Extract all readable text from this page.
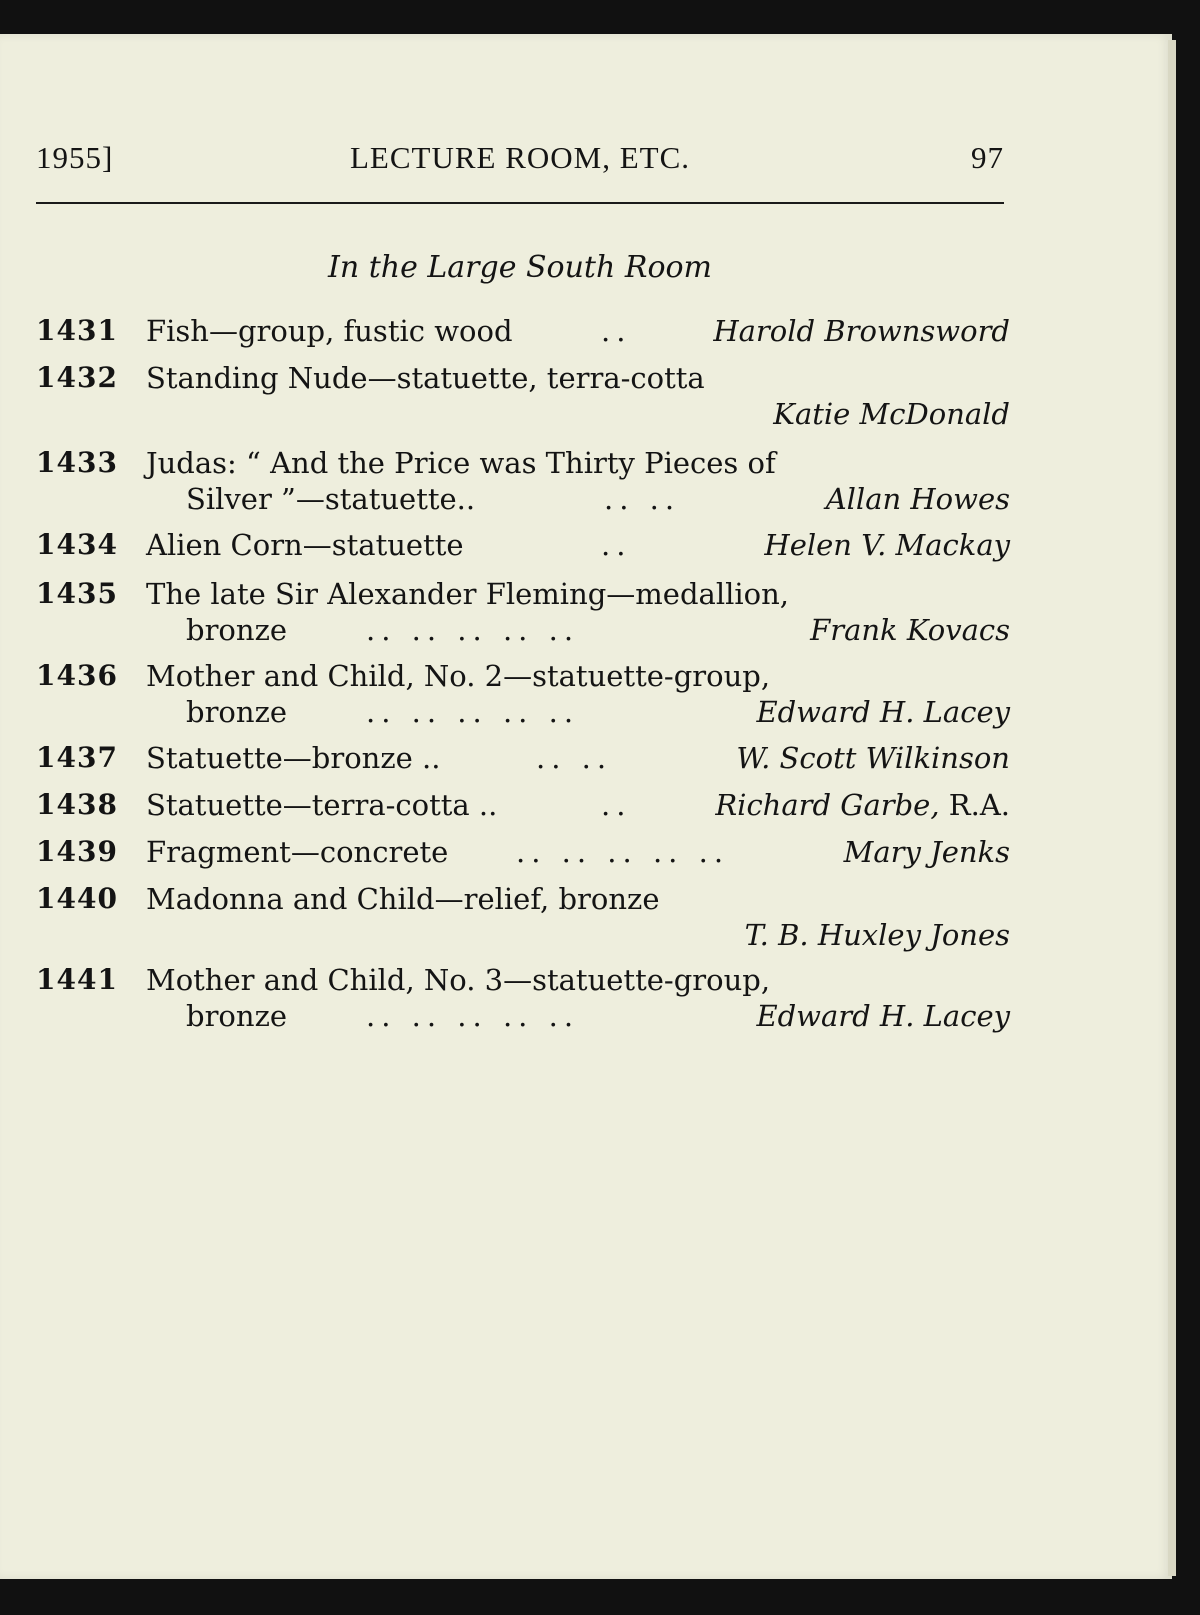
1955]	LECTURE ROOM, ETC.	97
In the Large South Room
1431 Fish—group, fustic wood	..	Harold Brownsword
1432 Standing Nude—statuette, terra-cotta
Katie McDonald
1433 Judas: “ And the Price was Thirty Pieces of
Silver ”—statuette..	.. ..	Allan Howes
1434 Alien Corn—statuette	..	Helen V. Mackay
1435 The late Sir Alexander Fleming—medallion,
bronze	.. .. .. .. ..	Frank Kovacs
1436 Mother and Child, No. 2—statuette-group,
bronze	.. .. .. .. ..	Edward H. Lacey
1437 Statuette—bronze ..	.. ..	W. Scott Wilkinson
1438 Statuette—terra-cotta ..	..	Richard Garbe, R.A.
1439 Fragment—concrete .. .. .. .. ..	Mary Jenks
1440 Madonna and Child—relief, bronze
T. B. Huxley Jones
1441 Mother and Child, No. 3—statuette-group,
bronze	.. .. .. .. ..	Edward H. Lacey
